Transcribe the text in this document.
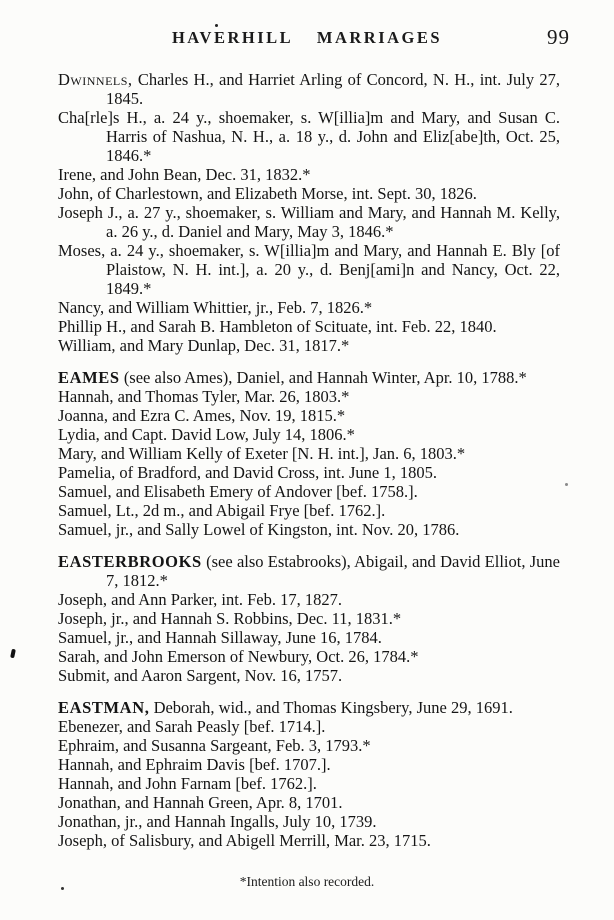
HAVERHILL MARRIAGES	99

Dwinnels, Charles H., and Harriet Arling of Concord, N. H., int. July 27, 1845.

Cha[rle]s H., a. 24 y., shoemaker, s. W[illia]m and Mary, and Susan C. Harris of Nashua, N. H., a. 18 y., d. John and Eliz[abe]th, Oct. 25, 1846.*

Irene, and John Bean, Dec. 31, 1832.*

John, of Charlestown, and Elizabeth Morse, int. Sept. 30, 1826.

Joseph J., a. 27 y., shoemaker, s. William and Mary, and Hannah M. Kelly, a. 26 y., d. Daniel and Mary, May 3, 1846.*

Moses, a. 24 y., shoemaker, s. W[illia]m and Mary, and Hannah E. Bly [of Plaistow, N. H. int.], a. 20 y., d. Benj[ami]n and Nancy, Oct. 22, 1849.*

Nancy, and William Whittier, jr., Feb. 7, 1826.*

Phillip H., and Sarah B. Hambleton of Scituate, int. Feb. 22, 1840.

William, and Mary Dunlap, Dec. 31, 1817.*

EAMES (see also Ames), Daniel, and Hannah Winter, Apr. 10, 1788.*

Hannah, and Thomas Tyler, Mar. 26, 1803.*

Joanna, and Ezra C. Ames, Nov. 19, 1815.*

Lydia, and Capt. David Low, July 14, 1806.*

Mary, and William Kelly of Exeter [N. H. int.], Jan. 6, 1803.*

Pamelia, of Bradford, and David Cross, int. June 1, 1805.

Samuel, and Elisabeth Emery of Andover [bef. 1758.].

Samuel, Lt., 2d m., and Abigail Frye [bef. 1762.].

Samuel, jr., and Sally Lowel of Kingston, int. Nov. 20, 1786.

EASTERBROOKS (see also Estabrooks), Abigail, and David Elliot, June 7, 1812.*

Joseph, and Ann Parker, int. Feb. 17, 1827.

Joseph, jr., and Hannah S. Robbins, Dec. 11, 1831.*

Samuel, jr., and Hannah Sillaway, June 16, 1784.

Sarah, and John Emerson of Newbury, Oct. 26, 1784.*

Submit, and Aaron Sargent, Nov. 16, 1757.

EASTMAN, Deborah, wid., and Thomas Kingsbery, June 29, 1691.

Ebenezer, and Sarah Peasly [bef. 1714.].

Ephraim, and Susanna Sargeant, Feb. 3, 1793.*

Hannah, and Ephraim Davis [bef. 1707.].

Hannah, and John Farnam [bef. 1762.].

Jonathan, and Hannah Green, Apr. 8, 1701.

Jonathan, jr., and Hannah Ingalls, July 10, 1739.

Joseph, of Salisbury, and Abigell Merrill, Mar. 23, 1715.

*Intention also recorded.
